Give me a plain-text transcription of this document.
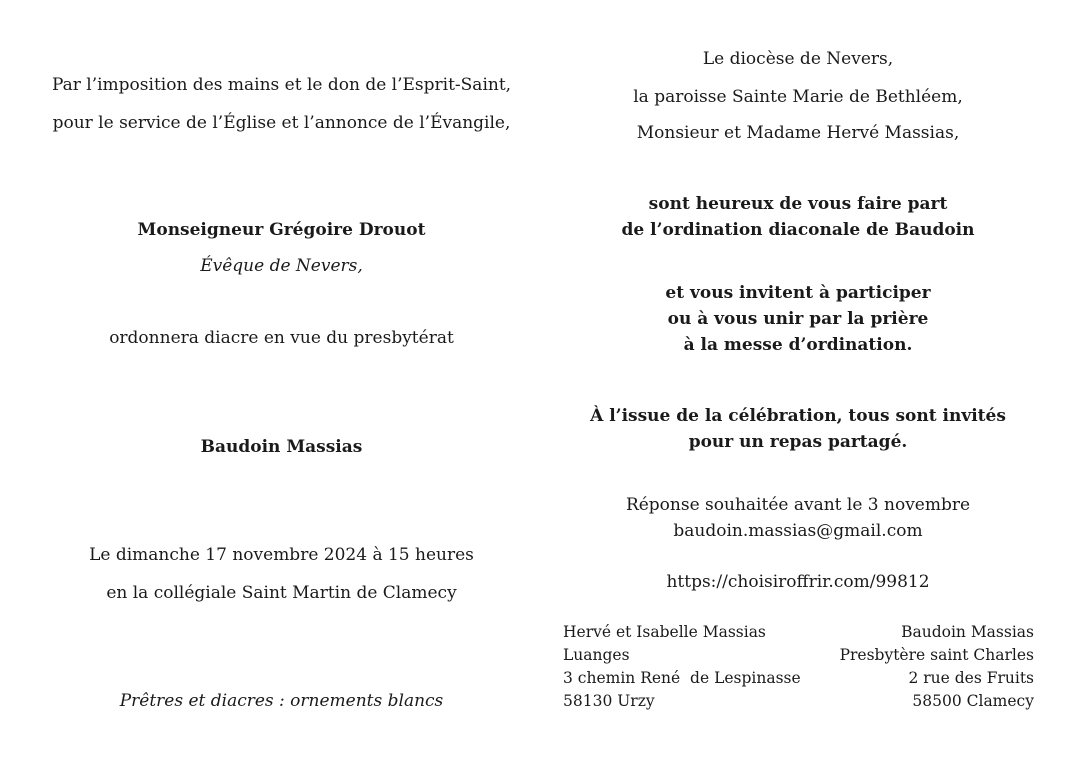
Par l’imposition des mains et le don de l’Esprit-Saint,
pour le service de l’Église et l’annonce de l’Évangile,
Monseigneur Grégoire Drouot
Évêque de Nevers,
ordonnera diacre en vue du presbytérat
Baudoin Massias
Le dimanche 17 novembre 2024 à 15 heures
en la collégiale Saint Martin de Clamecy
Prêtres et diacres : ornements blancs
Le diocèse de Nevers,
la paroisse Sainte Marie de Bethléem,
Monsieur et Madame Hervé Massias,
sont heureux de vous faire part
de l’ordination diaconale de Baudoin
et vous invitent à participer
ou à vous unir par la prière
à la messe d’ordination.
À l’issue de la célébration, tous sont invités
pour un repas partagé.
Réponse souhaitée avant le 3 novembre
baudoin.massias@gmail.com
https://choisiroffrir.com/99812
Hervé et Isabelle Massias
Luanges
3 chemin René  de Lespinasse
58130 Urzy
Baudoin Massias
Presbytère saint Charles
2 rue des Fruits
58500 Clamecy
